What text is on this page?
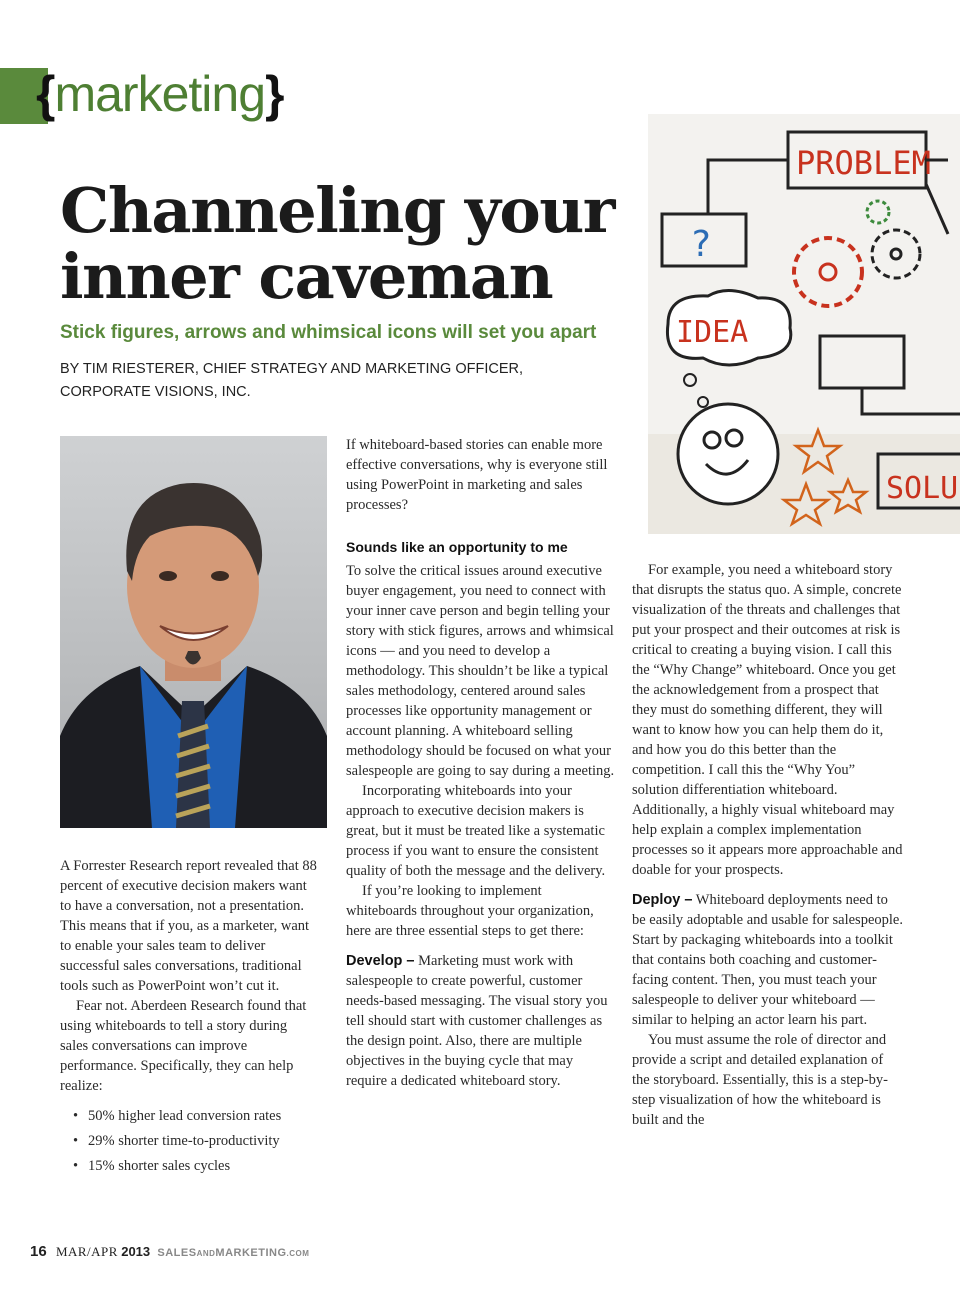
{marketing}
Channeling your
inner caveman
Stick figures, arrows and whimsical icons will set you apart
BY TIM RIESTERER, CHIEF STRATEGY AND MARKETING OFFICER,
CORPORATE VISIONS, INC.
PROBLEM
?
IDEA
SOLU

A Forrester Research report revealed that 88 percent of executive decision makers want to have a conversation, not a presentation. This means that if you, as a marketer, want to enable your sales team to deliver successful sales conversations, traditional tools such as PowerPoint won’t cut it.

Fear not. Aberdeen Research found that using whiteboards to tell a story during sales conversations can improve performance. Specifically, they can help realize:

• 50% higher lead conversion rates
• 29% shorter time-to-productivity
• 15% shorter sales cycles

If whiteboard-based stories can enable more effective conversations, why is everyone still using PowerPoint in marketing and sales processes?

Sounds like an opportunity to me

To solve the critical issues around executive buyer engagement, you need to connect with your inner cave person and begin telling your story with stick figures, arrows and whimsical icons — and you need to develop a methodology. This shouldn’t be like a typical sales methodology, centered around sales processes like opportunity management or account planning. A whiteboard selling methodology should be focused on what your salespeople are going to say during a meeting.

Incorporating whiteboards into your approach to executive decision makers is great, but it must be treated like a systematic process if you want to ensure the consistent quality of both the message and the delivery.

If you’re looking to implement whiteboards throughout your organization, here are three essential steps to get there:

Develop – Marketing must work with salespeople to create powerful, customer needs-based messaging. The visual story you tell should start with customer challenges as the design point. Also, there are multiple objectives in the buying cycle that may require a dedicated whiteboard story.

For example, you need a whiteboard story that disrupts the status quo. A simple, concrete visualization of the threats and challenges that put your prospect and their outcomes at risk is critical to creating a buying vision. I call this the “Why Change” whiteboard. Once you get the acknowledgement from a prospect that they must do something different, they will want to know how you can help them do it, and how you do this better than the competition. I call this the “Why You” solution differentiation whiteboard. Additionally, a highly visual whiteboard may help explain a complex implementation processes so it appears more approachable and doable for your prospects.

Deploy – Whiteboard deployments need to be easily adoptable and usable for salespeople. Start by packaging whiteboards into a toolkit that contains both coaching and customer-facing content. Then, you must teach your salespeople to deliver your whiteboard — similar to helping an actor learn his part.

You must assume the role of director and provide a script and detailed explanation of the storyboard. Essentially, this is a step-by-step visualization of how the whiteboard is built and the

16 MAR/APR 2013 SALESANDMARKETING.COM
